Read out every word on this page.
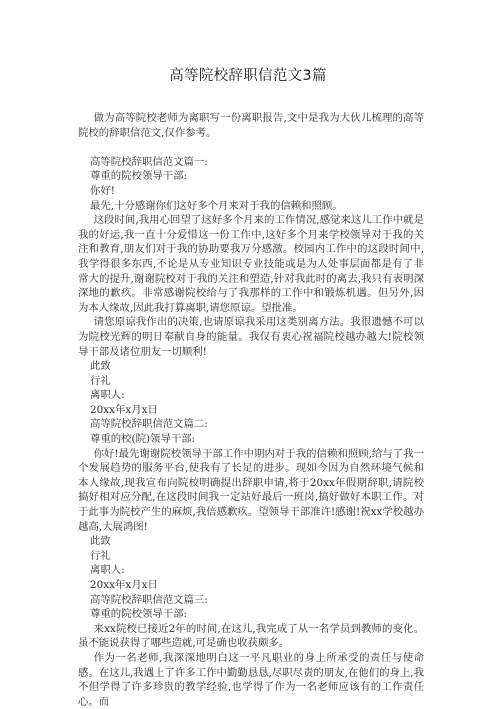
高等院校辞职信范文3篇

做为高等院校老师为离职写一份离职报告,文中是我为大伙儿梳理的高等院校的辞职信范文,仅作参考。

高等院校辞职信范文篇一:

尊重的院校领导干部:

你好!

最先,十分感谢你们这好多个月来对于我的信赖和照顾。

这段时间,我用心回望了这好多个月来的工作情况,感觉来这儿工作中就是我的好运,我一直十分爱惜这一份工作中,这好多个月来学校领导对于我的关注和教育,朋友们对于我的协助要我万分感激。校园内工作中的这段时间中,我学得很多东西,不论是从专业知识专业技能或是为人处事层面都是有了非常大的提升,谢谢院校对于我的关注和塑造,针对我此时的离去,我只有表明深深地的歉疚。非常感谢院校给与了我那样的工作中和锻炼机遇。但另外,因为本人缘故,因此我打算离职,请您原谅。望批准。

请您原谅我作出的决策,也请原谅我采用这类别离方法。我很遗憾不可以为院校光辉的明日奉献自身的能量。我仅有衷心祝福院校越办越大!院校领导干部及诸位朋友一切顺利!

此致

行礼

离职人:

20xx年x月x日

高等院校辞职信范文篇二:

尊重的校(院)领导干部:

你好!最先谢谢院校领导干部工作中期内对于我的信赖和照顾,给与了我一个发展趋势的服务平台,使我有了长足的进步。现如今因为自然环境气候和本人缘故,现我宣布向院校明确提出辞职申请,将于20xx年假期辞职,请院校搞好相对应分配,在这段时间我一定站好最后一班岗,搞好做好本职工作。对于此事为院校产生的麻烦,我倍感歉疚。望领导干部准许!感谢!祝xx学校越办越高,大展鸿图!

此致

行礼

离职人:

20xx年x月x日

高等院校辞职信范文篇三:

尊重的院校领导干部:

来xx院校已接近2年的时间,在这儿,我完成了从一名学员到教师的变化。虽不能说获得了哪些造就,可是确也收获颇多。

作为一名老师,我深深地明白这一平凡职业的身上所承受的责任与使命感。在这儿,我遇上了许多工作中勤勤恳恳,尽职尽责的朋友,在他们的身上,我不但学得了许多珍贵的教学经验,也学得了作为一名老师应该有的工作责任心。而
